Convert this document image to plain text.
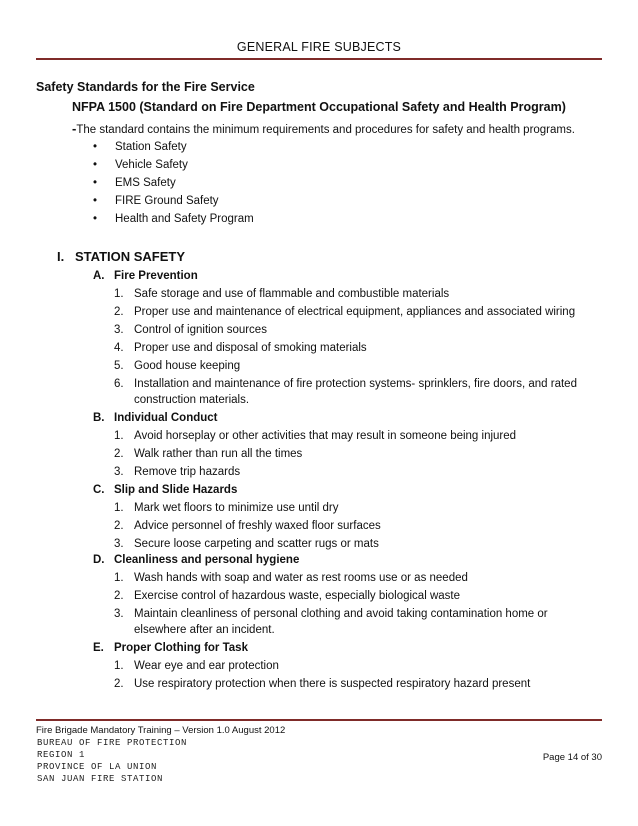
GENERAL FIRE SUBJECTS
Safety Standards for the Fire Service
NFPA 1500 (Standard on Fire Department Occupational Safety and Health Program)
-The standard contains the minimum requirements and procedures for safety and health programs.
• Station Safety
• Vehicle Safety
• EMS Safety
• FIRE Ground Safety
• Health and Safety Program
I. STATION SAFETY
A. Fire Prevention
1. Safe storage and use of flammable and combustible materials
2. Proper use and maintenance of electrical equipment, appliances and associated wiring
3. Control of ignition sources
4. Proper use and disposal of smoking materials
5. Good house keeping
6. Installation and maintenance of fire protection systems- sprinklers, fire doors, and rated
construction materials.
B. Individual Conduct
1. Avoid horseplay or other activities that may result in someone being injured
2. Walk rather than run all the times
3. Remove trip hazards
C. Slip and Slide Hazards
1. Mark wet floors to minimize use until dry
2. Advice personnel of freshly waxed floor surfaces
3. Secure loose carpeting and scatter rugs or mats
D. Cleanliness and personal hygiene
1. Wash hands with soap and water as rest rooms use or as needed
2. Exercise control of hazardous waste, especially biological waste
3. Maintain cleanliness of personal clothing and avoid taking contamination home or
elsewhere after an incident.
E. Proper Clothing for Task
1. Wear eye and ear protection
2. Use respiratory protection when there is suspected respiratory hazard present
Fire Brigade Mandatory Training – Version 1.0 August 2012
BUREAU OF FIRE PROTECTION
REGION 1
PROVINCE OF LA UNION
SAN JUAN FIRE STATION
Page 14 of 30
